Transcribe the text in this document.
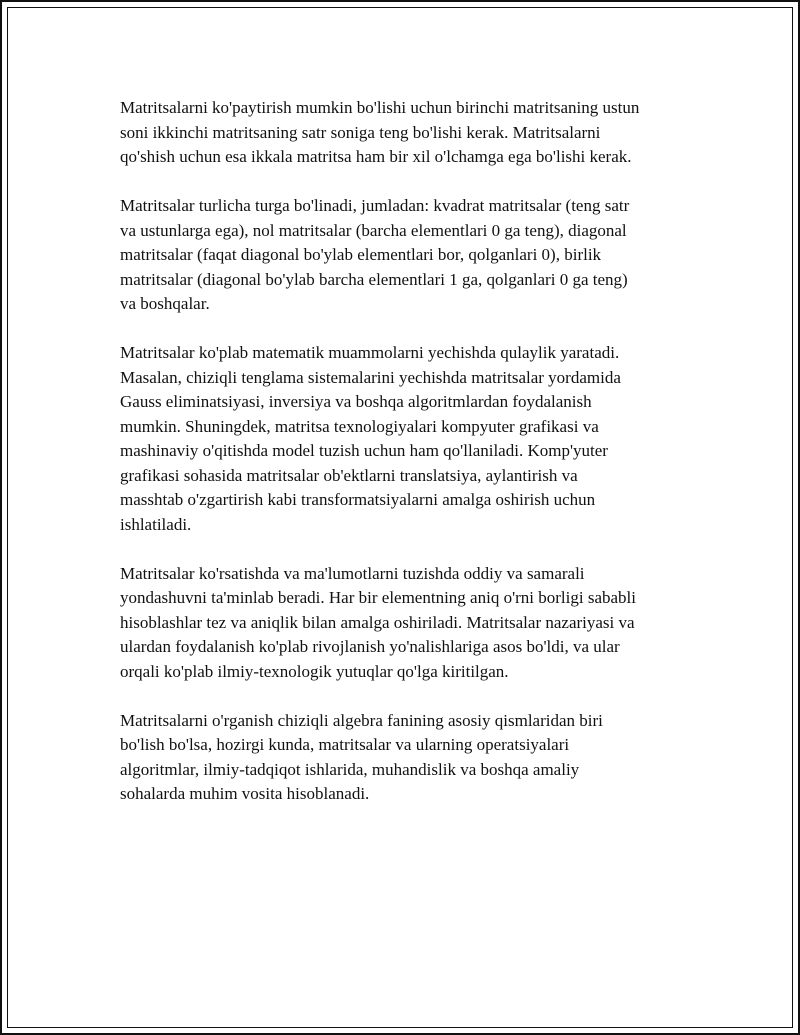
Matritsalarni ko'paytirish mumkin bo'lishi uchun birinchi matritsaning ustun
soni ikkinchi matritsaning satr soniga teng bo'lishi kerak. Matritsalarni
qo'shish uchun esa ikkala matritsa ham bir xil o'lchamga ega bo'lishi kerak.

Matritsalar turlicha turga bo'linadi, jumladan: kvadrat matritsalar (teng satr
va ustunlarga ega), nol matritsalar (barcha elementlari 0 ga teng), diagonal
matritsalar (faqat diagonal bo'ylab elementlari bor, qolganlari 0), birlik
matritsalar (diagonal bo'ylab barcha elementlari 1 ga, qolganlari 0 ga teng)
va boshqalar.

Matritsalar ko'plab matematik muammolarni yechishda qulaylik yaratadi.
Masalan, chiziqli tenglama sistemalarini yechishda matritsalar yordamida
Gauss eliminatsiyasi, inversiya va boshqa algoritmlardan foydalanish
mumkin. Shuningdek, matritsa texnologiyalari kompyuter grafikasi va
mashinaviy o'qitishda model tuzish uchun ham qo'llaniladi. Komp'yuter
grafikasi sohasida matritsalar ob'ektlarni translatsiya, aylantirish va
masshtab o'zgartirish kabi transformatsiyalarni amalga oshirish uchun
ishlatiladi.

Matritsalar ko'rsatishda va ma'lumotlarni tuzishda oddiy va samarali
yondashuvni ta'minlab beradi. Har bir elementning aniq o'rni borligi sababli
hisoblashlar tez va aniqlik bilan amalga oshiriladi. Matritsalar nazariyasi va
ulardan foydalanish ko'plab rivojlanish yo'nalishlariga asos bo'ldi, va ular
orqali ko'plab ilmiy-texnologik yutuqlar qo'lga kiritilgan.

Matritsalarni o'rganish chiziqli algebra fanining asosiy qismlaridan biri
bo'lish bo'lsa, hozirgi kunda, matritsalar va ularning operatsiyalari
algoritmlar, ilmiy-tadqiqot ishlarida, muhandislik va boshqa amaliy
sohalarda muhim vosita hisoblanadi.
